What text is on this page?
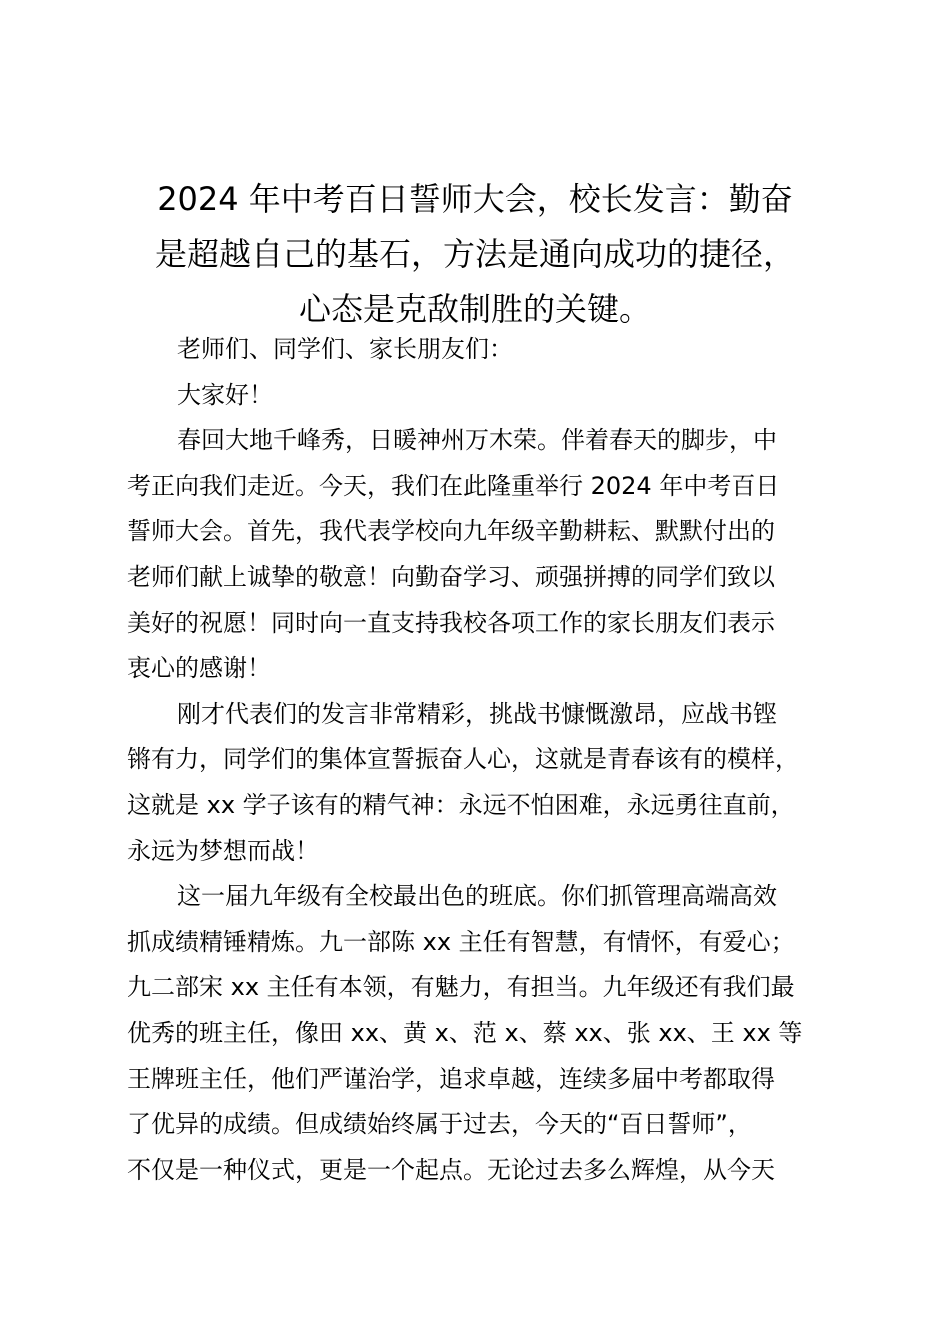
2024 年中考百日誓师大会，校长发言：勤奋
是超越自己的基石，方法是通向成功的捷径，
心态是克敌制胜的关键。

老师们、同学们、家长朋友们：

大家好！

春回大地千峰秀，日暖神州万木荣。伴着春天的脚步，中
考正向我们走近。今天，我们在此隆重举行 2024 年中考百日
誓师大会。首先，我代表学校向九年级辛勤耕耘、默默付出的
老师们献上诚挚的敬意！向勤奋学习、顽强拼搏的同学们致以
美好的祝愿！同时向一直支持我校各项工作的家长朋友们表示
衷心的感谢！

刚才代表们的发言非常精彩，挑战书慷慨激昂，应战书铿
锵有力，同学们的集体宣誓振奋人心，这就是青春该有的模样，
这就是 xx 学子该有的精气神：永远不怕困难，永远勇往直前，
永远为梦想而战！

这一届九年级有全校最出色的班底。你们抓管理高端高效
抓成绩精锤精炼。九一部陈 xx 主任有智慧，有情怀，有爱心；
九二部宋 xx 主任有本领，有魅力，有担当。九年级还有我们最
优秀的班主任，像田 xx、黄 x、范 x、蔡 xx、张 xx、王 xx 等
王牌班主任，他们严谨治学，追求卓越，连续多届中考都取得
了优异的成绩。但成绩始终属于过去，今天的“百日誓师”，
不仅是一种仪式，更是一个起点。无论过去多么辉煌，从今天
